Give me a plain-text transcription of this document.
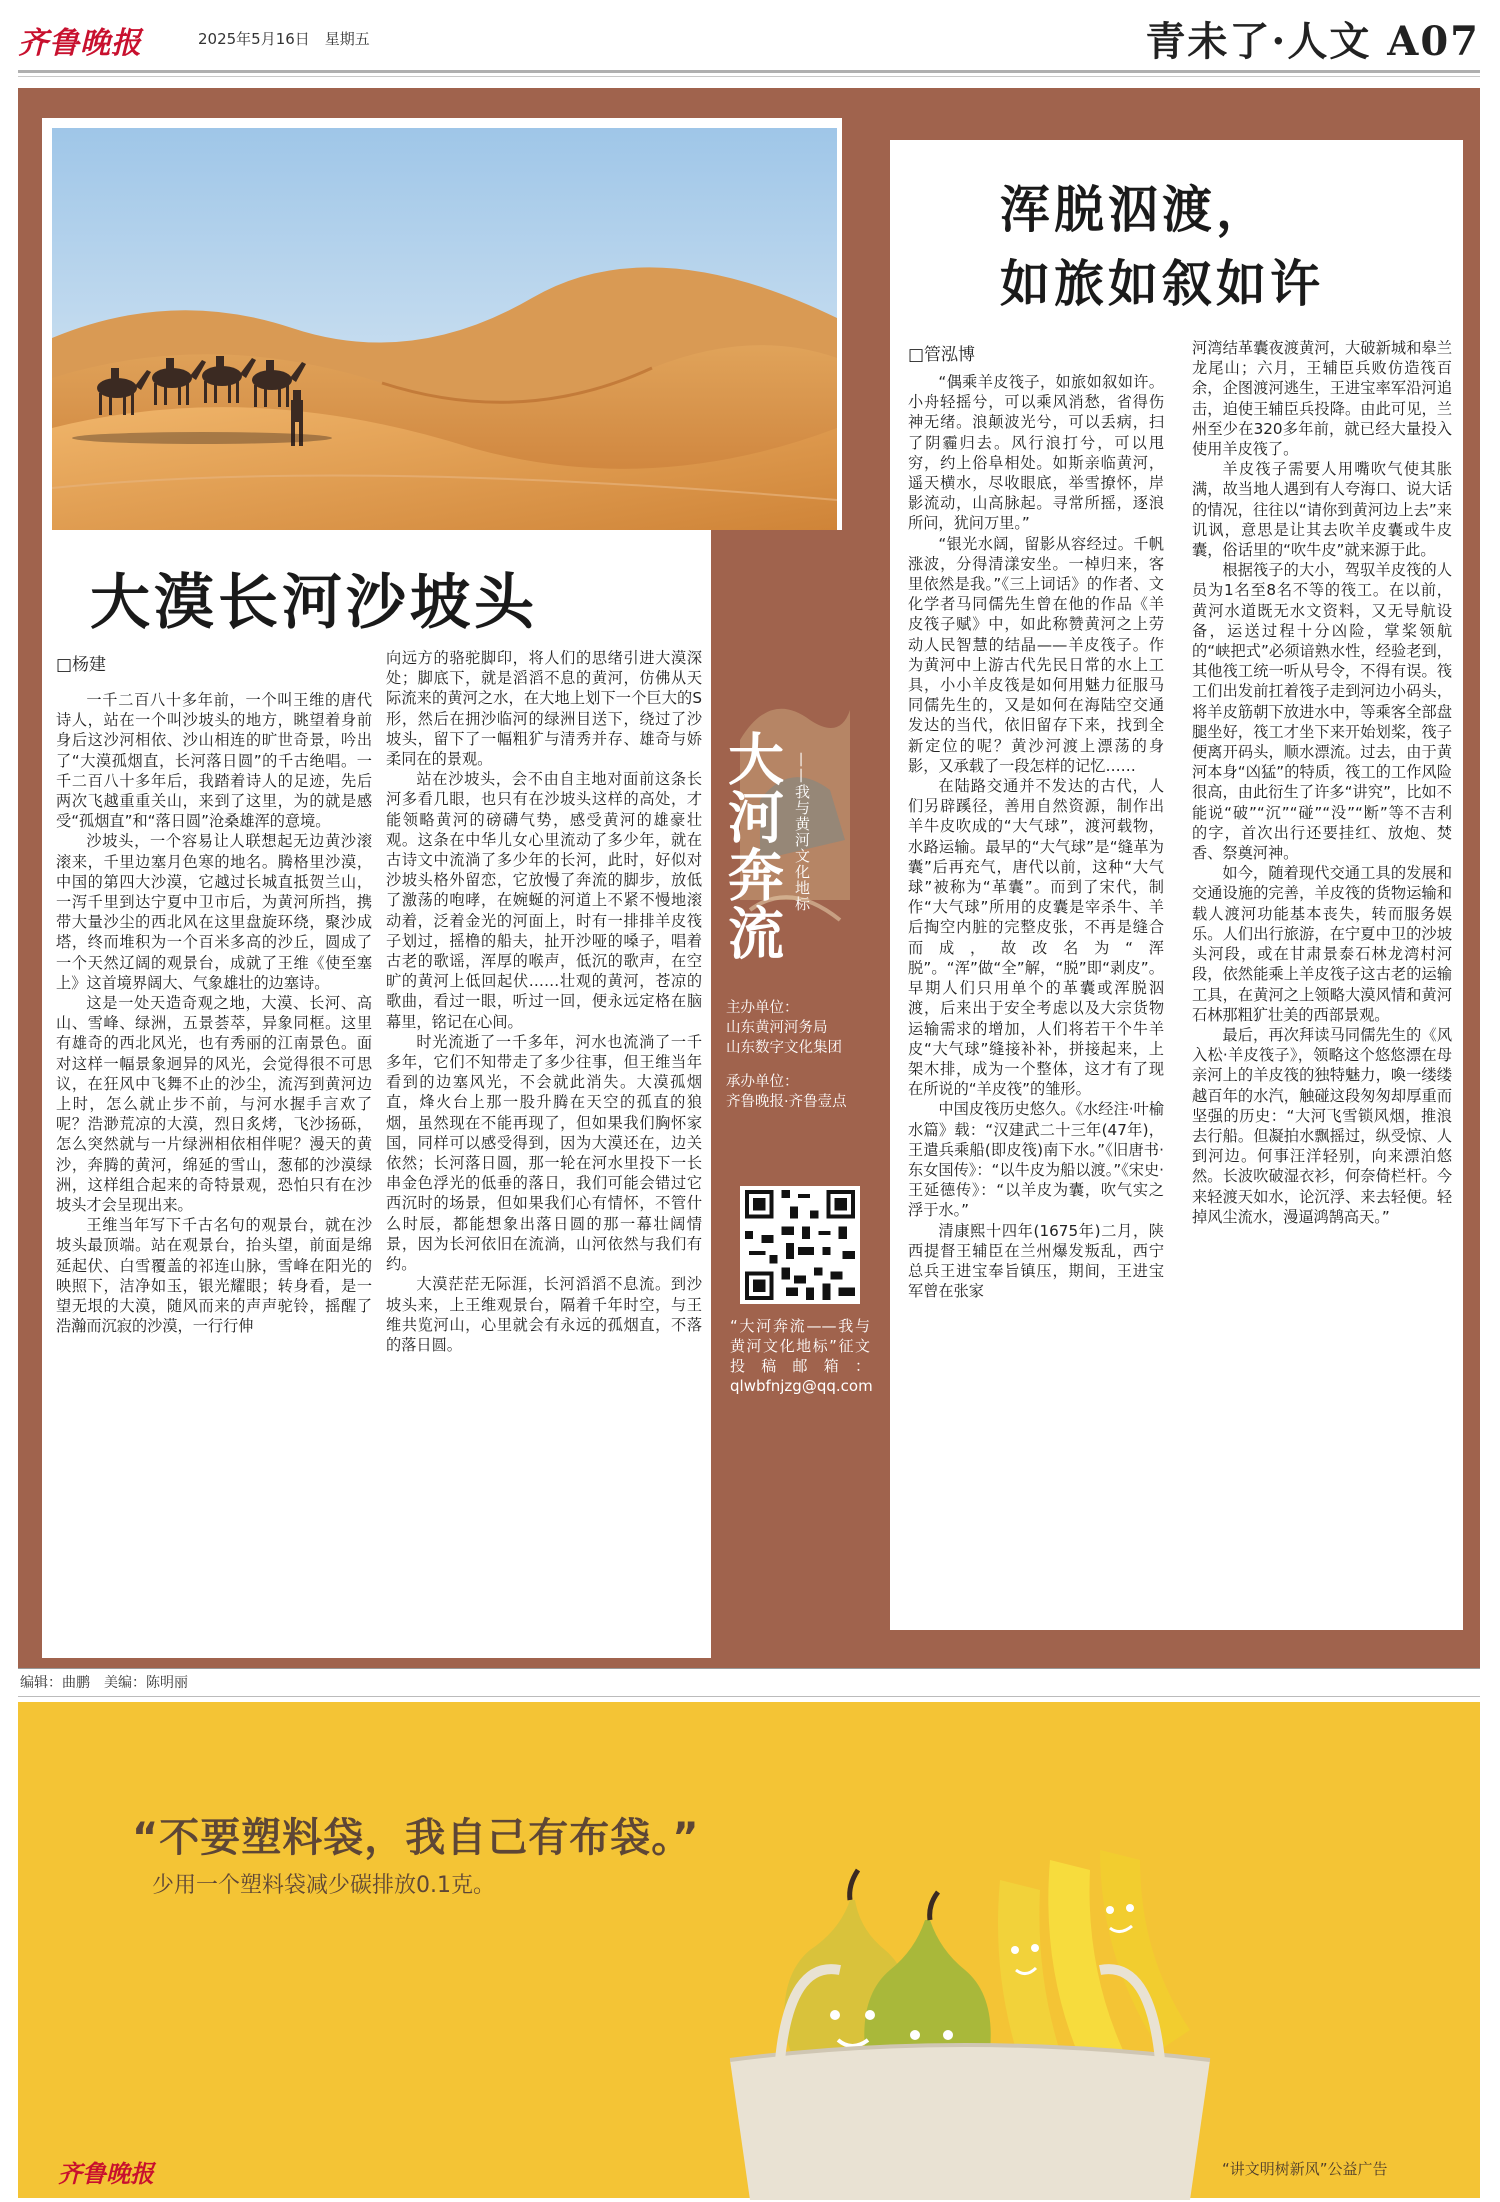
齐鲁晚报	2025年5月16日　星期五	青未了·人文 A07
大漠长河沙坡头
□杨建

一千二百八十多年前，一个叫王维的唐代诗人，站在一个叫沙坡头的地方，眺望着身前身后这沙河相依、沙山相连的旷世奇景，吟出了“大漠孤烟直，长河落日圆”的千古绝唱。一千二百八十多年后，我踏着诗人的足迹，先后两次飞越重重关山，来到了这里，为的就是感受“孤烟直”和“落日圆”沧桑雄浑的意境。

沙坡头，一个容易让人联想起无边黄沙滚滚来，千里边塞月色寒的地名。腾格里沙漠，中国的第四大沙漠，它越过长城直抵贺兰山，一泻千里到达宁夏中卫市后，为黄河所挡，携带大量沙尘的西北风在这里盘旋环绕，聚沙成塔，终而堆积为一个百米多高的沙丘，圆成了一个天然辽阔的观景台，成就了王维《使至塞上》这首境界阔大、气象雄壮的边塞诗。

这是一处天造奇观之地，大漠、长河、高山、雪峰、绿洲，五景荟萃，异象同框。这里有雄奇的西北风光，也有秀丽的江南景色。面对这样一幅景象迥异的风光，会觉得很不可思议，在狂风中飞舞不止的沙尘，流泻到黄河边上时，怎么就止步不前，与河水握手言欢了呢？浩渺荒凉的大漠，烈日炙烤，飞沙扬砾，怎么突然就与一片绿洲相依相伴呢？漫天的黄沙，奔腾的黄河，绵延的雪山，葱郁的沙漠绿洲，这样组合起来的奇特景观，恐怕只有在沙坡头才会呈现出来。

王维当年写下千古名句的观景台，就在沙坡头最顶端。站在观景台，抬头望，前面是绵延起伏、白雪覆盖的祁连山脉，雪峰在阳光的映照下，洁净如玉，银光耀眼；转身看，是一望无垠的大漠，随风而来的声声驼铃，摇醒了浩瀚而沉寂的沙漠，一行行伸

向远方的骆驼脚印，将人们的思绪引进大漠深处；脚底下，就是滔滔不息的黄河，仿佛从天际流来的黄河之水，在大地上划下一个巨大的S形，然后在拥沙临河的绿洲目送下，绕过了沙坡头，留下了一幅粗犷与清秀并存、雄奇与娇柔同在的景观。

站在沙坡头，会不由自主地对面前这条长河多看几眼，也只有在沙坡头这样的高处，才能领略黄河的磅礴气势，感受黄河的雄豪壮观。这条在中华儿女心里流动了多少年，就在古诗文中流淌了多少年的长河，此时，好似对沙坡头格外留恋，它放慢了奔流的脚步，放低了激荡的咆哮，在婉蜒的河道上不紧不慢地滚动着，泛着金光的河面上，时有一排排羊皮筏子划过，摇橹的船夫，扯开沙哑的嗓子，唱着古老的歌谣，浑厚的喉声，低沉的歌声，在空旷的黄河上低回起伏……壮观的黄河，苍凉的歌曲，看过一眼，听过一回，便永远定格在脑幕里，铭记在心间。

时光流逝了一千多年，河水也流淌了一千多年，它们不知带走了多少往事，但王维当年看到的边塞风光，不会就此消失。大漠孤烟直，烽火台上那一股升腾在天空的孤直的狼烟，虽然现在不能再现了，但如果我们胸怀家国，同样可以感受得到，因为大漠还在，边关依然；长河落日圆，那一轮在河水里投下一长串金色浮光的低垂的落日，我们可能会错过它西沉时的场景，但如果我们心有情怀，不管什么时辰，都能想象出落日圆的那一幕壮阔情景，因为长河依旧在流淌，山河依然与我们有约。

大漠茫茫无际涯，长河滔滔不息流。到沙坡头来，上王维观景台，隔着千年时空，与王维共览河山，心里就会有永远的孤烟直，不落的落日圆。

大河奔流 ——我与黄河文化地标
主办单位：
山东黄河河务局
山东数字文化集团
承办单位：
齐鲁晚报·齐鲁壹点
“大河奔流——我与黄河文化地标”征文投稿邮箱：qlwbfnjzg@qq.com
浑脱泅渡，
如旅如叙如许
□管泓博

“偶乘羊皮筏子，如旅如叙如许。小舟轻摇兮，可以乘风消愁，省得伤神无绪。浪颠波光兮，可以丢病，扫了阴霾归去。风行浪打兮，可以甩穷，约上俗阜相处。如斯亲临黄河，遥天横水，尽收眼底，举雪撩怀，岸影流动，山高脉起。寻常所摇，逐浪所问，犹问万里。”

“银光水阔，留影从容经过。千帆涨波，分得清漾安坐。一棹归来，客里依然是我。”《三上词话》的作者、文化学者马同儒先生曾在他的作品《羊皮筏子赋》中，如此称赞黄河之上劳动人民智慧的结晶——羊皮筏子。作为黄河中上游古代先民日常的水上工具，小小羊皮筏是如何用魅力征服马同儒先生的，又是如何在海陆空交通发达的当代，依旧留存下来，找到全新定位的呢？黄沙河渡上漂荡的身影，又承载了一段怎样的记忆……

在陆路交通并不发达的古代，人们另辟蹊径，善用自然资源，制作出羊牛皮吹成的“大气球”，渡河载物，水路运输。最早的“大气球”是“缝革为囊”后再充气，唐代以前，这种“大气球”被称为“革囊”。而到了宋代，制作“大气球”所用的皮囊是宰杀牛、羊后掏空内脏的完整皮张，不再是缝合而成，故改名为“浑脱”。“浑”做“全”解，“脱”即“剥皮”。早期人们只用单个的革囊或浑脱泅渡，后来出于安全考虑以及大宗货物运输需求的增加，人们将若干个牛羊皮“大气球”缝接补补，拼接起来，上架木排，成为一个整体，这才有了现在所说的“羊皮筏”的雏形。

中国皮筏历史悠久。《水经注·叶榆水篇》载：“汉建武二十三年(47年)，王遣兵乘船(即皮筏)南下水。”《旧唐书·东女国传》：“以牛皮为船以渡。”《宋史·王延德传》：“以羊皮为囊，吹气实之浮于水。”

清康熙十四年(1675年)二月，陕西提督王辅臣在兰州爆发叛乱，西宁总兵王进宝奉旨镇压，期间，王进宝军曾在张家

河湾结革囊夜渡黄河，大破新城和皋兰龙尾山；六月，王辅臣兵败仿造筏百余，企图渡河逃生，王进宝率军沿河追击，迫使王辅臣兵投降。由此可见，兰州至少在320多年前，就已经大量投入使用羊皮筏了。

羊皮筏子需要人用嘴吹气使其胀满，故当地人遇到有人夸海口、说大话的情况，往往以“请你到黄河边上去”来讥讽，意思是让其去吹羊皮囊或牛皮囊，俗话里的“吹牛皮”就来源于此。

根据筏子的大小，驾驭羊皮筏的人员为1名至8名不等的筏工。在以前，黄河水道既无水文资料，又无导航设备，运送过程十分凶险，掌桨领航的“峡把式”必须谙熟水性，经验老到，其他筏工统一听从号令，不得有误。筏工们出发前扛着筏子走到河边小码头，将羊皮筋朝下放进水中，等乘客全部盘腿坐好，筏工才坐下来开始划桨，筏子便离开码头，顺水漂流。过去，由于黄河本身“凶猛”的特质，筏工的工作风险很高，由此衍生了许多“讲究”，比如不能说“破”“沉”“碰”“没”“断”等不吉利的字，首次出行还要挂红、放炮、焚香、祭奠河神。

如今，随着现代交通工具的发展和交通设施的完善，羊皮筏的货物运输和载人渡河功能基本丧失，转而服务娱乐。人们出行旅游，在宁夏中卫的沙坡头河段，或在甘肃景泰石林龙湾村河段，依然能乘上羊皮筏子这古老的运输工具，在黄河之上领略大漠风情和黄河石林那粗犷壮美的西部景观。

最后，再次拜读马同儒先生的《风入松·羊皮筏子》，领略这个悠悠漂在母亲河上的羊皮筏的独特魅力，喚一缕缕越百年的水汽，触碰这段匆匆却厚重而坚强的历史：“大河飞雪锁风烟，推浪去行船。但凝拍水飘摇过，纵受惊、人到河边。何事汪洋轻别，向来漂泊悠然。长波吹破湿衣衫，何奈倚栏杆。今来轻渡天如水，论沉浮、来去轻便。轻掉风尘流水，漫逼鸿鹄高天。”

编辑：曲鹏　美编：陈明丽
“不要塑料袋，我自己有布袋。”
少用一个塑料袋减少碳排放0.1克。
齐鲁晚报	“讲文明树新风”公益广告
